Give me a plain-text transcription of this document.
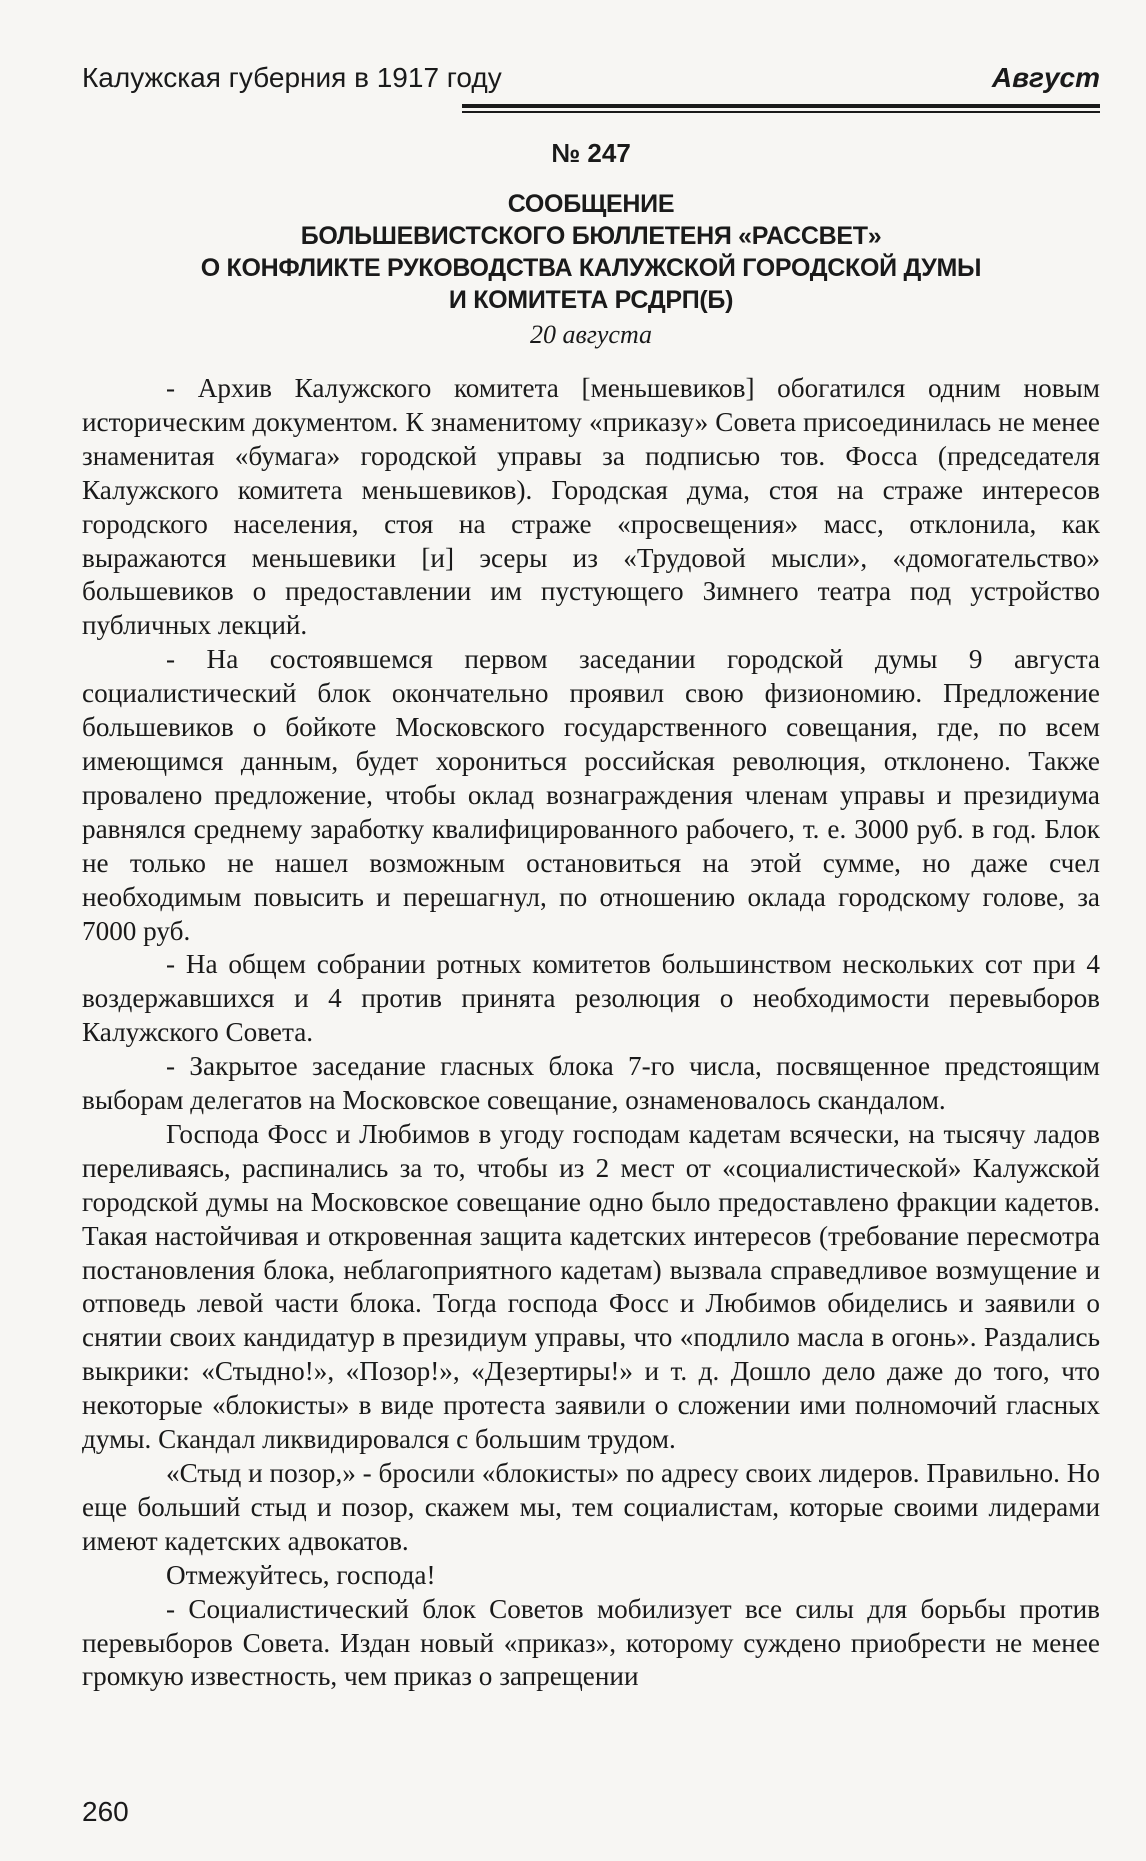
Калужская губерния в 1917 году	Август
№ 247
СООБЩЕНИЕ
БОЛЬШЕВИСТСКОГО БЮЛЛЕТЕНЯ «РАССВЕТ»
О КОНФЛИКТЕ РУКОВОДСТВА КАЛУЖСКОЙ ГОРОДСКОЙ ДУМЫ
И КОМИТЕТА РСДРП(Б)
20 августа

- Архив Калужского комитета [меньшевиков] обогатился одним новым историческим документом. К знаменитому «приказу» Совета присоединилась не менее знаменитая «бумага» городской управы за подписью тов. Фосса (председателя Калужского комитета меньшевиков). Городская дума, стоя на страже интересов городского населения, стоя на страже «просвещения» масс, отклонила, как выражаются меньшевики [и] эсеры из «Трудовой мысли», «домогательство» большевиков о предоставлении им пустующего Зимнего театра под устройство публичных лекций.

- На состоявшемся первом заседании городской думы 9 августа социалистический блок окончательно проявил свою физиономию. Предложение большевиков о бойкоте Московского государственного совещания, где, по всем имеющимся данным, будет хорониться российская революция, отклонено. Также провалено предложение, чтобы оклад вознаграждения членам управы и президиума равнялся среднему заработку квалифицированного рабочего, т. е. 3000 руб. в год. Блок не только не нашел возможным остановиться на этой сумме, но даже счел необходимым повысить и перешагнул, по отношению оклада городскому голове, за 7000 руб.

- На общем собрании ротных комитетов большинством нескольких сот при 4 воздержавшихся и 4 против принята резолюция о необходимости перевыборов Калужского Совета.

- Закрытое заседание гласных блока 7-го числа, посвященное предстоящим выборам делегатов на Московское совещание, ознаменовалось скандалом.

Господа Фосс и Любимов в угоду господам кадетам всячески, на тысячу ладов переливаясь, распинались за то, чтобы из 2 мест от «социалистической» Калужской городской думы на Московское совещание одно было предоставлено фракции кадетов. Такая настойчивая и откровенная защита кадетских интересов (требование пересмотра постановления блока, неблагоприятного кадетам) вызвала справедливое возмущение и отповедь левой части блока. Тогда господа Фосс и Любимов обиделись и заявили о снятии своих кандидатур в президиум управы, что «подлило масла в огонь». Раздались выкрики: «Стыдно!», «Позор!», «Дезертиры!» и т. д. Дошло дело даже до того, что некоторые «блокисты» в виде протеста заявили о сложении ими полномочий гласных думы. Скандал ликвидировался с большим трудом.

«Стыд и позор,» - бросили «блокисты» по адресу своих лидеров. Правильно. Но еще больший стыд и позор, скажем мы, тем социалистам, которые своими лидерами имеют кадетских адвокатов.

Отмежуйтесь, господа!

- Социалистический блок Советов мобилизует все силы для борьбы против перевыборов Совета. Издан новый «приказ», которому суждено приобрести не менее громкую известность, чем приказ о запрещении

260
